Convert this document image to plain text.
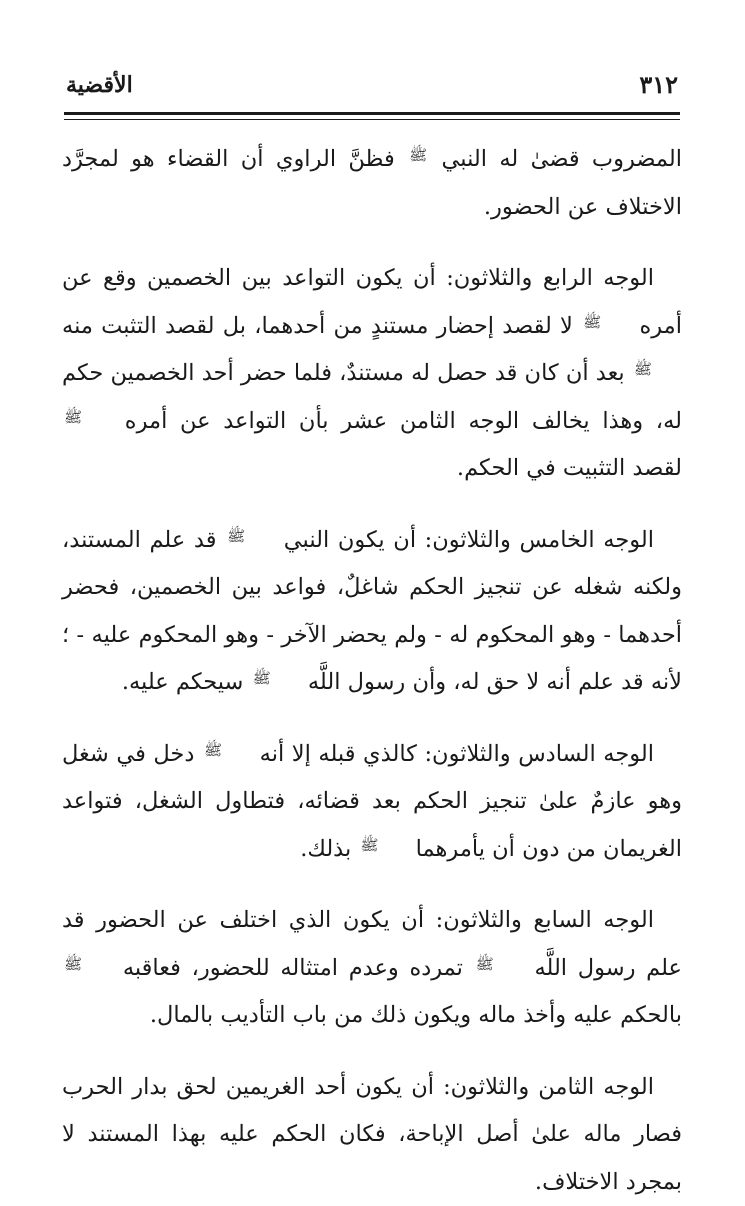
٣١٢
الأقضية

المضروب قضىٰ له النبي ﷺ فظنَّ الراوي أن القضاء هو لمجرَّد الاختلاف عن الحضور.

الوجه الرابع والثلاثون: أن يكون التواعد بين الخصمين وقع عن أمره ﷺ لا لقصد إحضار مستندٍ من أحدهما، بل لقصد التثبت منه ﷺ بعد أن كان قد حصل له مستندٌ، فلما حضر أحد الخصمين حكم له، وهذا يخالف الوجه الثامن عشر بأن التواعد عن أمره ﷺ لقصد التثبيت في الحكم.

الوجه الخامس والثلاثون: أن يكون النبي ﷺ قد علم المستند، ولكنه شغله عن تنجيز الحكم شاغلٌ، فواعد بين الخصمين، فحضر أحدهما - وهو المحكوم له - ولم يحضر الآخر - وهو المحكوم عليه - ؛ لأنه قد علم أنه لا حق له، وأن رسول اللَّه ﷺ سيحكم عليه.

الوجه السادس والثلاثون: كالذي قبله إلا أنه ﷺ دخل في شغل وهو عازمٌ علىٰ تنجيز الحكم بعد قضائه، فتطاول الشغل، فتواعد الغريمان من دون أن يأمرهما ﷺ بذلك.

الوجه السابع والثلاثون: أن يكون الذي اختلف عن الحضور قد علم رسول اللَّه ﷺ تمرده وعدم امتثاله للحضور، فعاقبه ﷺ بالحكم عليه وأخذ ماله ويكون ذلك من باب التأديب بالمال.

الوجه الثامن والثلاثون: أن يكون أحد الغريمين لحق بدار الحرب فصار ماله علىٰ أصل الإباحة، فكان الحكم عليه بهذا المستند لا بمجرد الاختلاف.
